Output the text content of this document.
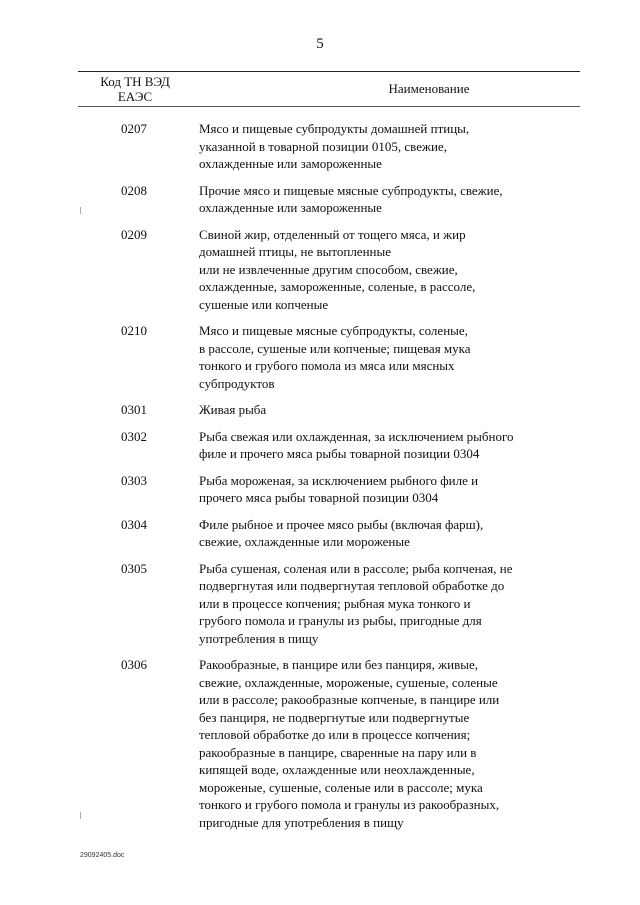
5
Код ТН ВЭД
ЕАЭС
Наименование
0207	Мясо и пищевые субпродукты домашней птицы,
указанной в товарной позиции 0105, свежие,
охлажденные или замороженные
0208	Прочие мясо и пищевые мясные субпродукты, свежие,
охлажденные или замороженные
0209	Свиной жир, отделенный от тощего мяса, и жир
домашней птицы, не вытопленные
или не извлеченные другим способом, свежие,
охлажденные, замороженные, соленые, в рассоле,
сушеные или копченые
0210	Мясо и пищевые мясные субпродукты, соленые,
в рассоле, сушеные или копченые; пищевая мука
тонкого и грубого помола из мяса или мясных
субпродуктов
0301	Живая рыба
0302	Рыба свежая или охлажденная, за исключением рыбного
филе и прочего мяса рыбы товарной позиции 0304
0303	Рыба мороженая, за исключением рыбного филе и
прочего мяса рыбы товарной позиции 0304
0304	Филе рыбное и прочее мясо рыбы (включая фарш),
свежие, охлажденные или мороженые
0305	Рыба сушеная, соленая или в рассоле; рыба копченая, не
подвергнутая или подвергнутая тепловой обработке до
или в процессе копчения; рыбная мука тонкого и
грубого помола и гранулы из рыбы, пригодные для
употребления в пищу
0306	Ракообразные, в панцире или без панциря, живые,
свежие, охлажденные, мороженые, сушеные, соленые
или в рассоле; ракообразные копченые, в панцире или
без панциря, не подвергнутые или подвергнутые
тепловой обработке до или в процессе копчения;
ракообразные в панцире, сваренные на пару или в
кипящей воде, охлажденные или неохлажденные,
мороженые, сушеные, соленые или в рассоле; мука
тонкого и грубого помола и гранулы из ракообразных,
пригодные для употребления в пищу
29092405.doc
